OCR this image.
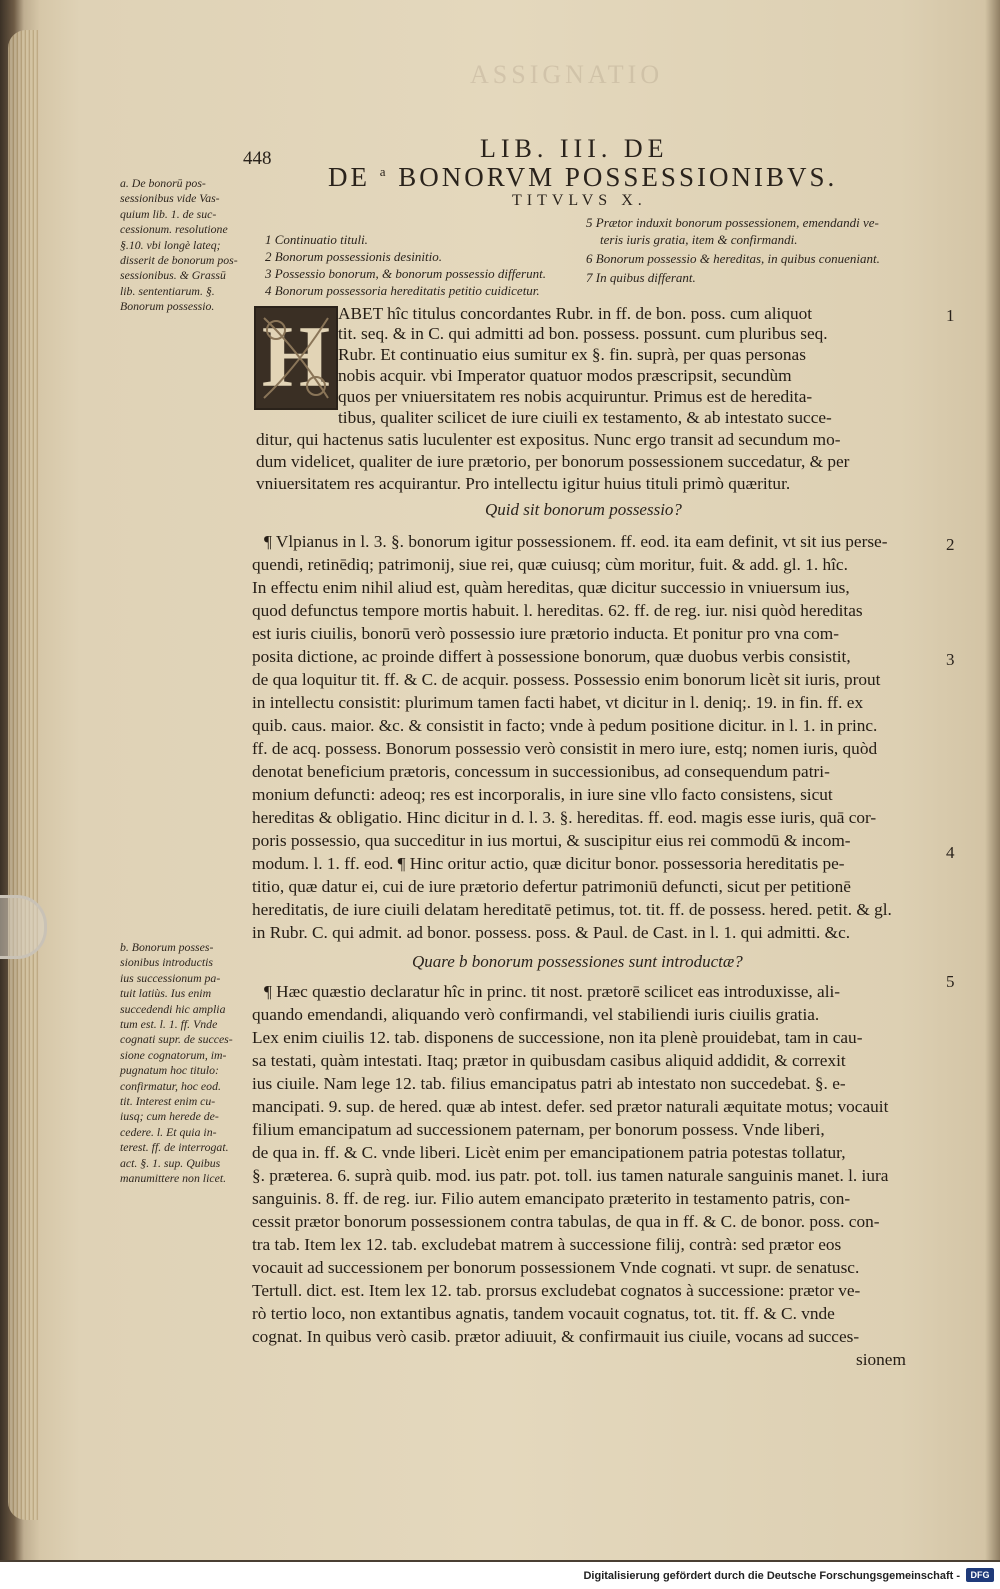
ASSIGNATIO
448	LIB. III. DE
DE $^a$ BONORVM POSSESSIONIBVS.
TITVLVS X.
a. De bonorū pos-
sessionibus vide Vas-
quium lib. 1. de suc-
cessionum. resolutione
§.10. vbi longè lateq;
disserit de bonorum pos-
sessionibus. & Grassū
lib. sententiarum. §.
Bonorum possessio.
1 Continuatio tituli.
2 Bonorum possessionis desinitio.
3 Possessio bonorum, & bonorum possessio differunt.
4 Bonorum possessoria hereditatis petitio cuidicetur.
5 Prætor induxit bonorum possessionem, emendandi ve-
teris iuris gratia, item & confirmandi.
6 Bonorum possessio & hereditas, in quibus conueniant.
7 In quibus differant.
H ABET hîc titulus concordantes Rubr. in ff. de bon. poss. cum aliquot
tit. seq. & in C. qui admitti ad bon. possess. possunt. cum pluribus seq.
Rubr. Et continuatio eius sumitur ex §. fin. suprà, per quas personas
nobis acquir. vbi Imperator quatuor modos præscripsit, secundùm
quos per vniuersitatem res nobis acquiruntur. Primus est de heredita-
tibus, qualiter scilicet de iure ciuili ex testamento, & ab intestato succe-
ditur, qui hactenus satis luculenter est expositus. Nunc ergo transit ad secundum mo-
dum videlicet, qualiter de iure prætorio, per bonorum possessionem succedatur, & per
vniuersitatem res acquirantur. Pro intellectu igitur huius tituli primò quæritur.
Quid sit bonorum possessio?
¶ Vlpianus in l. 3. §. bonorum igitur possessionem. ff. eod. ita eam definit, vt sit ius perse-
quendi, retinēdiq; patrimonij, siue rei, quæ cuiusq; cùm moritur, fuit. & add. gl. 1. hîc.
In effectu enim nihil aliud est, quàm hereditas, quæ dicitur successio in vniuersum ius,
quod defunctus tempore mortis habuit. l. hereditas. 62. ff. de reg. iur. nisi quòd hereditas
est iuris ciuilis, bonorū verò possessio iure prætorio inducta. Et ponitur pro vna com-
posita dictione, ac proinde differt à possessione bonorum, quæ duobus verbis consistit,
de qua loquitur tit. ff. & C. de acquir. possess. Possessio enim bonorum licèt sit iuris, prout
in intellectu consistit: plurimum tamen facti habet, vt dicitur in l. deniq;. 19. in fin. ff. ex
quib. caus. maior. &c. & consistit in facto; vnde à pedum positione dicitur. in l. 1. in princ.
ff. de acq. possess. Bonorum possessio verò consistit in mero iure, estq; nomen iuris, quòd
denotat beneficium prætoris, concessum in successionibus, ad consequendum patri-
monium defuncti: adeoq; res est incorporalis, in iure sine vllo facto consistens, sicut
hereditas & obligatio. Hinc dicitur in d. l. 3. §. hereditas. ff. eod. magis esse iuris, quā cor-
poris possessio, qua succeditur in ius mortui, & suscipitur eius rei commodū & incom-
modum. l. 1. ff. eod. ¶ Hinc oritur actio, quæ dicitur bonor. possessoria hereditatis pe-
titio, quæ datur ei, cui de iure prætorio defertur patrimoniū defuncti, sicut per petitionē
hereditatis, de iure ciuili delatam hereditatē petimus, tot. tit. ff. de possess. hered. petit. & gl.
in Rubr. C. qui admit. ad bonor. possess. poss. & Paul. de Cast. in l. 1. qui admitti. &c.
Quare b bonorum possessiones sunt introductæ?
b. Bonorum posses-
sionibus introductis
ius successionum pa-
tuit latiùs. Ius enim
succedendi hic amplia
tum est. l. 1. ff. Vnde
cognati supr. de succes-
sione cognatorum, im-
pugnatum hoc titulo:
confirmatur, hoc eod.
tit. Interest enim cu-
iusq; cum herede de-
cedere. l. Et quia in-
terest. ff. de interrogat.
act. §. 1. sup. Quibus
manumittere non licet.
¶ Hæc quæstio declaratur hîc in princ. tit nost. prætorē scilicet eas introduxisse, ali-
quando emendandi, aliquando verò confirmandi, vel stabiliendi iuris ciuilis gratia.
Lex enim ciuilis 12. tab. disponens de successione, non ita plenè prouidebat, tam in cau-
sa testati, quàm intestati. Itaq; prætor in quibusdam casibus aliquid addidit, & correxit
ius ciuile. Nam lege 12. tab. filius emancipatus patri ab intestato non succedebat. §. e-
mancipati. 9. sup. de hered. quæ ab intest. defer. sed prætor naturali æquitate motus; vocauit
filium emancipatum ad successionem paternam, per bonorum possess. Vnde liberi,
de qua in. ff. & C. vnde liberi. Licèt enim per emancipationem patria potestas tollatur,
§. præterea. 6. suprà quib. mod. ius patr. pot. toll. ius tamen naturale sanguinis manet. l. iura
sanguinis. 8. ff. de reg. iur. Filio autem emancipato præterito in testamento patris, con-
cessit prætor bonorum possessionem contra tabulas, de qua in ff. & C. de bonor. poss. con-
tra tab. Item lex 12. tab. excludebat matrem à successione filij, contrà: sed prætor eos
vocauit ad successionem per bonorum possessionem Vnde cognati. vt supr. de senatusc.
Tertull. dict. est. Item lex 12. tab. prorsus excludebat cognatos à successione: prætor ve-
rò tertio loco, non extantibus agnatis, tandem vocauit cognatus, tot. tit. ff. & C. vnde
cognat. In quibus verò casib. prætor adiuuit, & confirmauit ius ciuile, vocans ad succes-
sionem
1
2
3
4
5
Digitalisierung gefördert durch die Deutsche Forschungsgemeinschaft -	DFG
